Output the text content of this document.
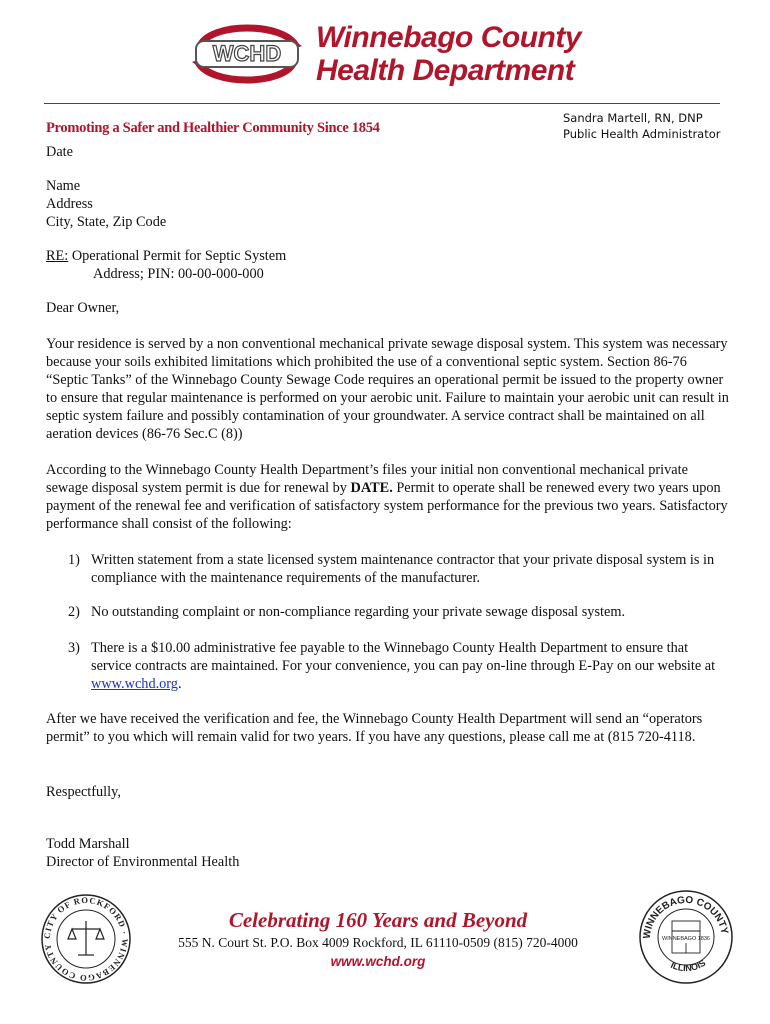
WCHD Winnebago County
Health Department
Promoting a Safer and Healthier Community Since 1854
Sandra Martell, RN, DNP
Public Health Administrator
Date
Name
Address
City, State, Zip Code
RE: Operational Permit for Septic System
Address; PIN: 00-00-000-000
Dear Owner,
Your residence is served by a non conventional mechanical private sewage disposal system. This system was necessary because your soils exhibited limitations which prohibited the use of a conventional septic system. Section 86-76 “Septic Tanks” of the Winnebago County Sewage Code requires an operational permit be issued to the property owner to ensure that regular maintenance is performed on your aerobic unit. Failure to maintain your aerobic unit can result in septic system failure and possibly contamination of your groundwater. A service contract shall be maintained on all aeration devices (86-76 Sec.C (8))
According to the Winnebago County Health Department’s files your initial non conventional mechanical private sewage disposal system permit is due for renewal by DATE. Permit to operate shall be renewed every two years upon payment of the renewal fee and verification of satisfactory system performance for the previous two years. Satisfactory performance shall consist of the following:
1) Written statement from a state licensed system maintenance contractor that your private disposal system is in compliance with the maintenance requirements of the manufacturer.
2) No outstanding complaint or non-compliance regarding your private sewage disposal system.
3) There is a $10.00 administrative fee payable to the Winnebago County Health Department to ensure that service contracts are maintained. For your convenience, you can pay on-line through E-Pay on our website at www.wchd.org.
After we have received the verification and fee, the Winnebago County Health Department will send an “operators permit” to you which will remain valid for two years. If you have any questions, please call me at (815 720-4118.
Respectfully,
Todd Marshall
Director of Environmental Health
CITY OF ROCKFORD · WINNEBAGO COUNTY
Celebrating 160 Years and Beyond
555 N. Court St. P.O. Box 4009 Rockford, IL 61110-0509 (815) 720-4000
www.wchd.org
WINNEBAGO COUNTY
ILLINOIS
WINNEBAGO 1836
